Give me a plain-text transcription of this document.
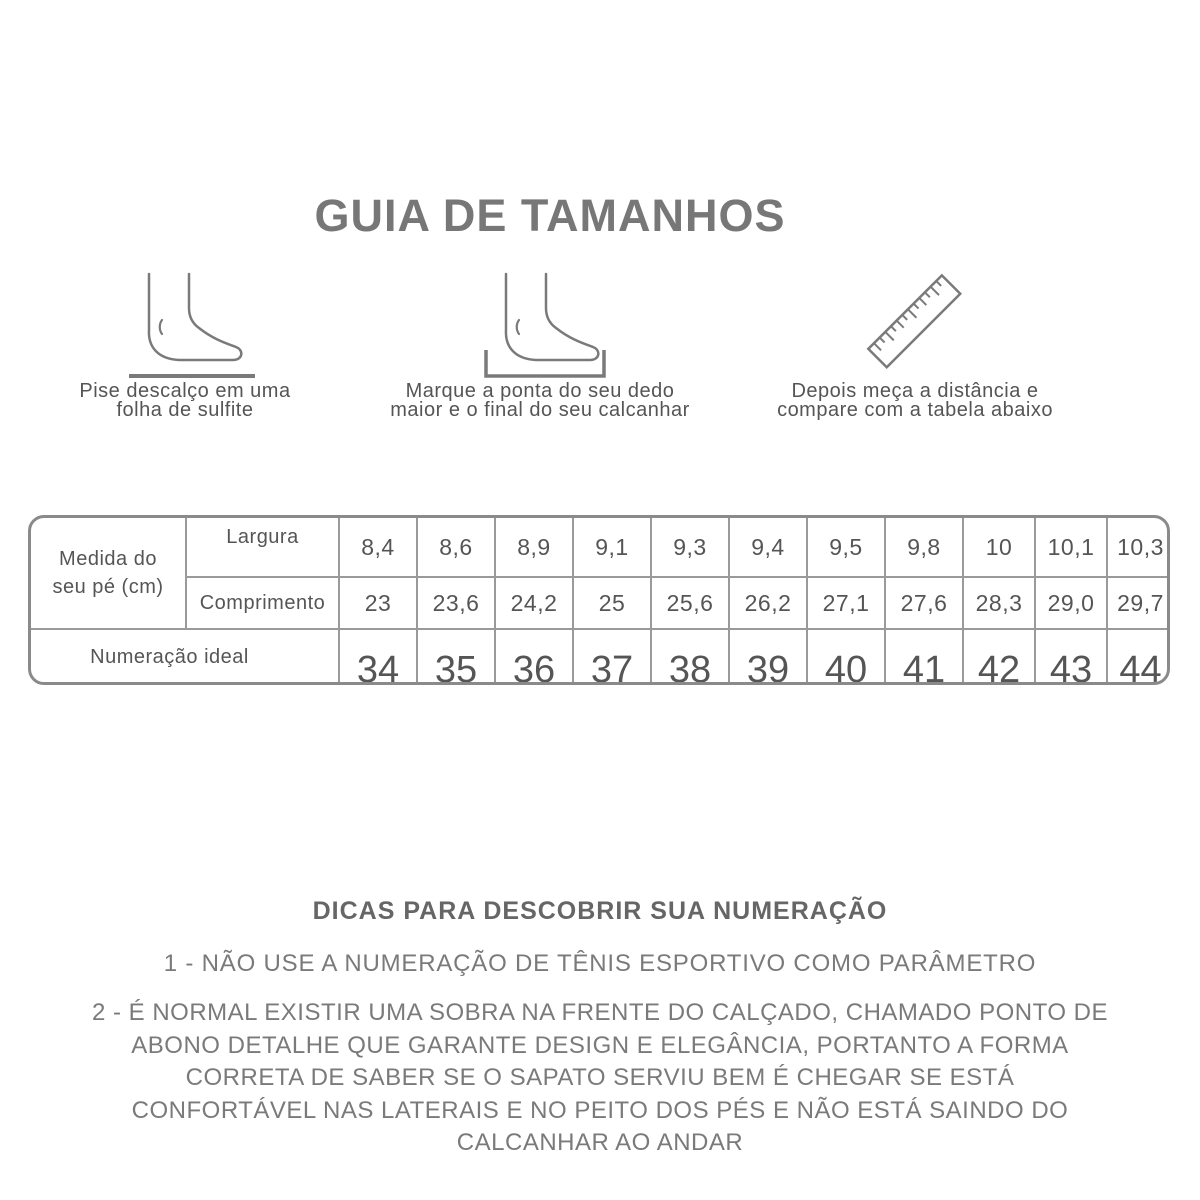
GUIA DE TAMANHOS
Pise descalço em uma
folha de sulfite
Marque a ponta do seu dedo
maior e o final do seu calcanhar
Depois meça a distância e
compare com a tabela abaixo
Medida do
seu pé (cm)	Largura	8,4	8,6	8,9	9,1	9,3	9,4	9,5	9,8	10	10,1	10,3
	Comprimento	23	23,6	24,2	25	25,6	26,2	27,1	27,6	28,3	29,0	29,7
Numeração ideal		34	35	36	37	38	39	40	41	42	43	44
DICAS PARA DESCOBRIR SUA NUMERAÇÃO
1 - NÃO USE A NUMERAÇÃO DE TÊNIS ESPORTIVO COMO PARÂMETRO
2 - É NORMAL EXISTIR UMA SOBRA NA FRENTE DO CALÇADO, CHAMADO PONTO DE
ABONO DETALHE QUE GARANTE DESIGN E ELEGÂNCIA, PORTANTO A FORMA
CORRETA DE SABER SE O SAPATO SERVIU BEM É CHEGAR SE ESTÁ
CONFORTÁVEL NAS LATERAIS E NO PEITO DOS PÉS E NÃO ESTÁ SAINDO DO
CALCANHAR AO ANDAR
